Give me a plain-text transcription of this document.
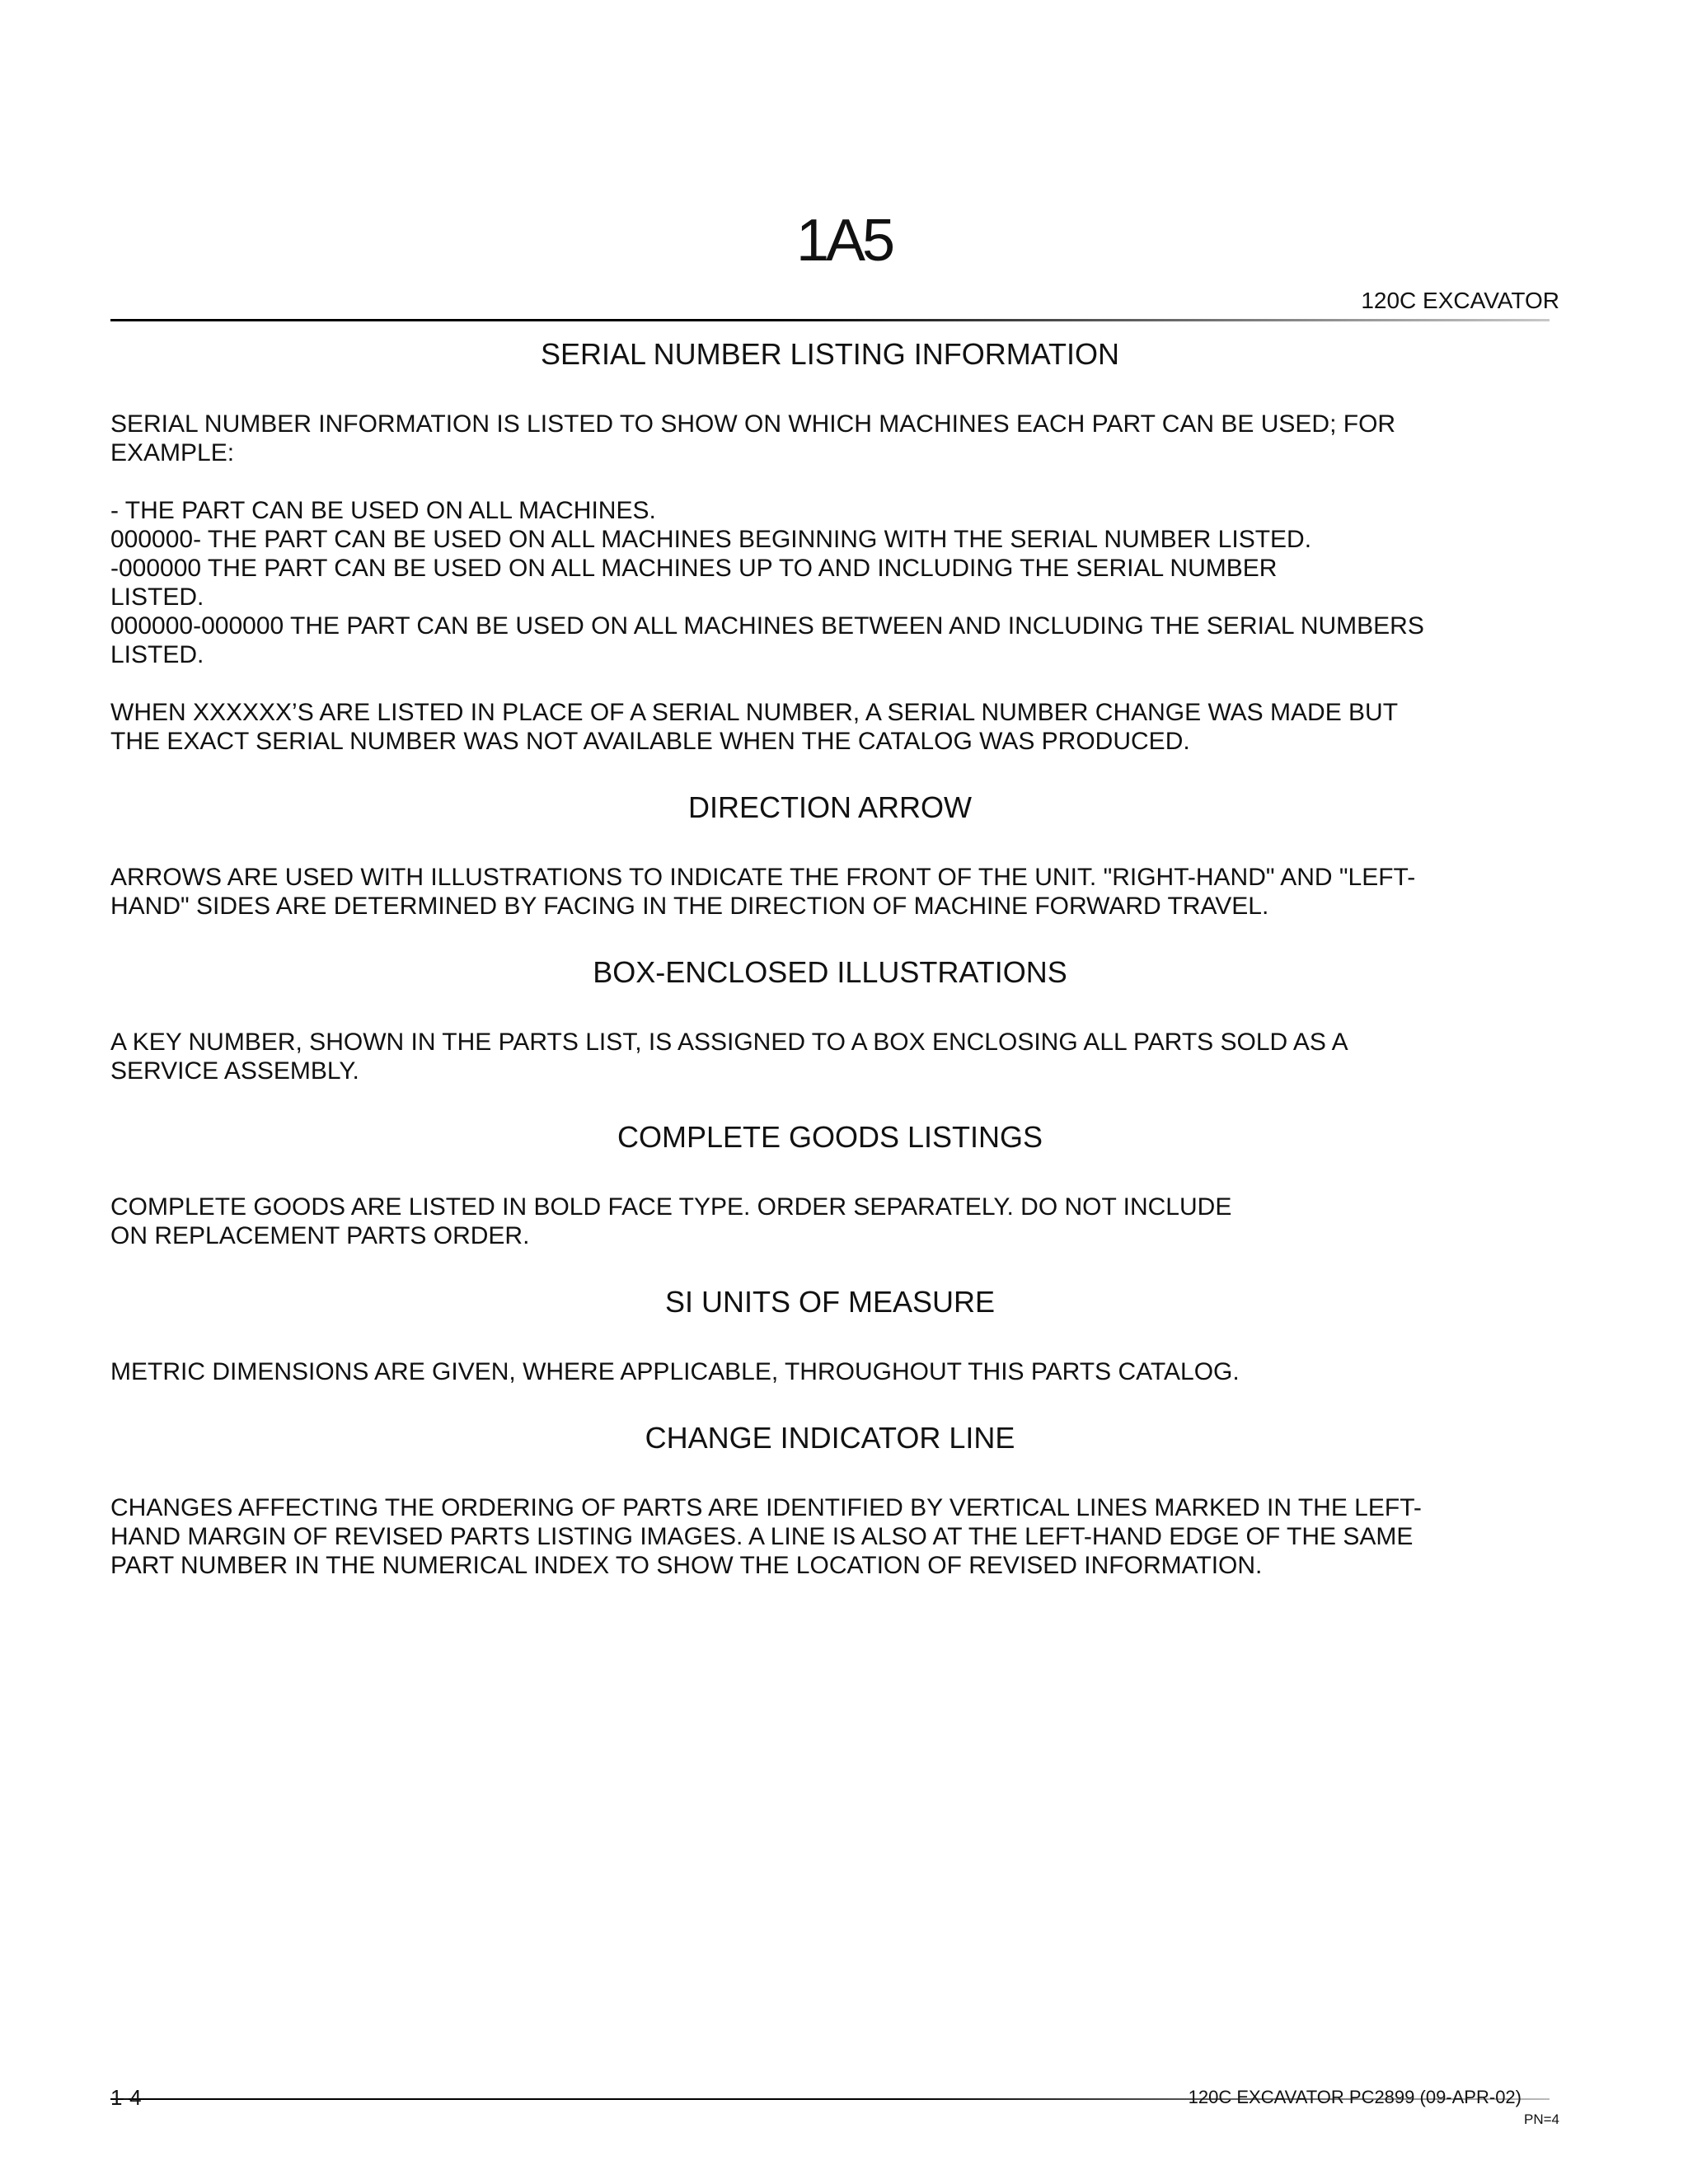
1A5
120C EXCAVATOR
SERIAL NUMBER LISTING INFORMATION

SERIAL NUMBER INFORMATION IS LISTED TO SHOW ON WHICH MACHINES EACH PART CAN BE USED; FOR
EXAMPLE:

- THE PART CAN BE USED ON ALL MACHINES.
000000- THE PART CAN BE USED ON ALL MACHINES BEGINNING WITH THE SERIAL NUMBER LISTED.
-000000 THE PART CAN BE USED ON ALL MACHINES UP TO AND INCLUDING THE SERIAL NUMBER
LISTED.
000000-000000 THE PART CAN BE USED ON ALL MACHINES BETWEEN AND INCLUDING THE SERIAL NUMBERS
LISTED.

WHEN XXXXXX’S ARE LISTED IN PLACE OF A SERIAL NUMBER, A SERIAL NUMBER CHANGE WAS MADE BUT
THE EXACT SERIAL NUMBER WAS NOT AVAILABLE WHEN THE CATALOG WAS PRODUCED.

DIRECTION ARROW

ARROWS ARE USED WITH ILLUSTRATIONS TO INDICATE THE FRONT OF THE UNIT. "RIGHT-HAND" AND "LEFT-
HAND" SIDES ARE DETERMINED BY FACING IN THE DIRECTION OF MACHINE FORWARD TRAVEL.

BOX-ENCLOSED ILLUSTRATIONS

A KEY NUMBER, SHOWN IN THE PARTS LIST, IS ASSIGNED TO A BOX ENCLOSING ALL PARTS SOLD AS A
SERVICE ASSEMBLY.

COMPLETE GOODS LISTINGS

COMPLETE GOODS ARE LISTED IN BOLD FACE TYPE. ORDER SEPARATELY. DO NOT INCLUDE
ON REPLACEMENT PARTS ORDER.

SI UNITS OF MEASURE

METRIC DIMENSIONS ARE GIVEN, WHERE APPLICABLE, THROUGHOUT THIS PARTS CATALOG.

CHANGE INDICATOR LINE

CHANGES AFFECTING THE ORDERING OF PARTS ARE IDENTIFIED BY VERTICAL LINES MARKED IN THE LEFT-
HAND MARGIN OF REVISED PARTS LISTING IMAGES. A LINE IS ALSO AT THE LEFT-HAND EDGE OF THE SAME
PART NUMBER IN THE NUMERICAL INDEX TO SHOW THE LOCATION OF REVISED INFORMATION.

1-4	120C EXCAVATOR PC2899 (09-APR-02)
PN=4
